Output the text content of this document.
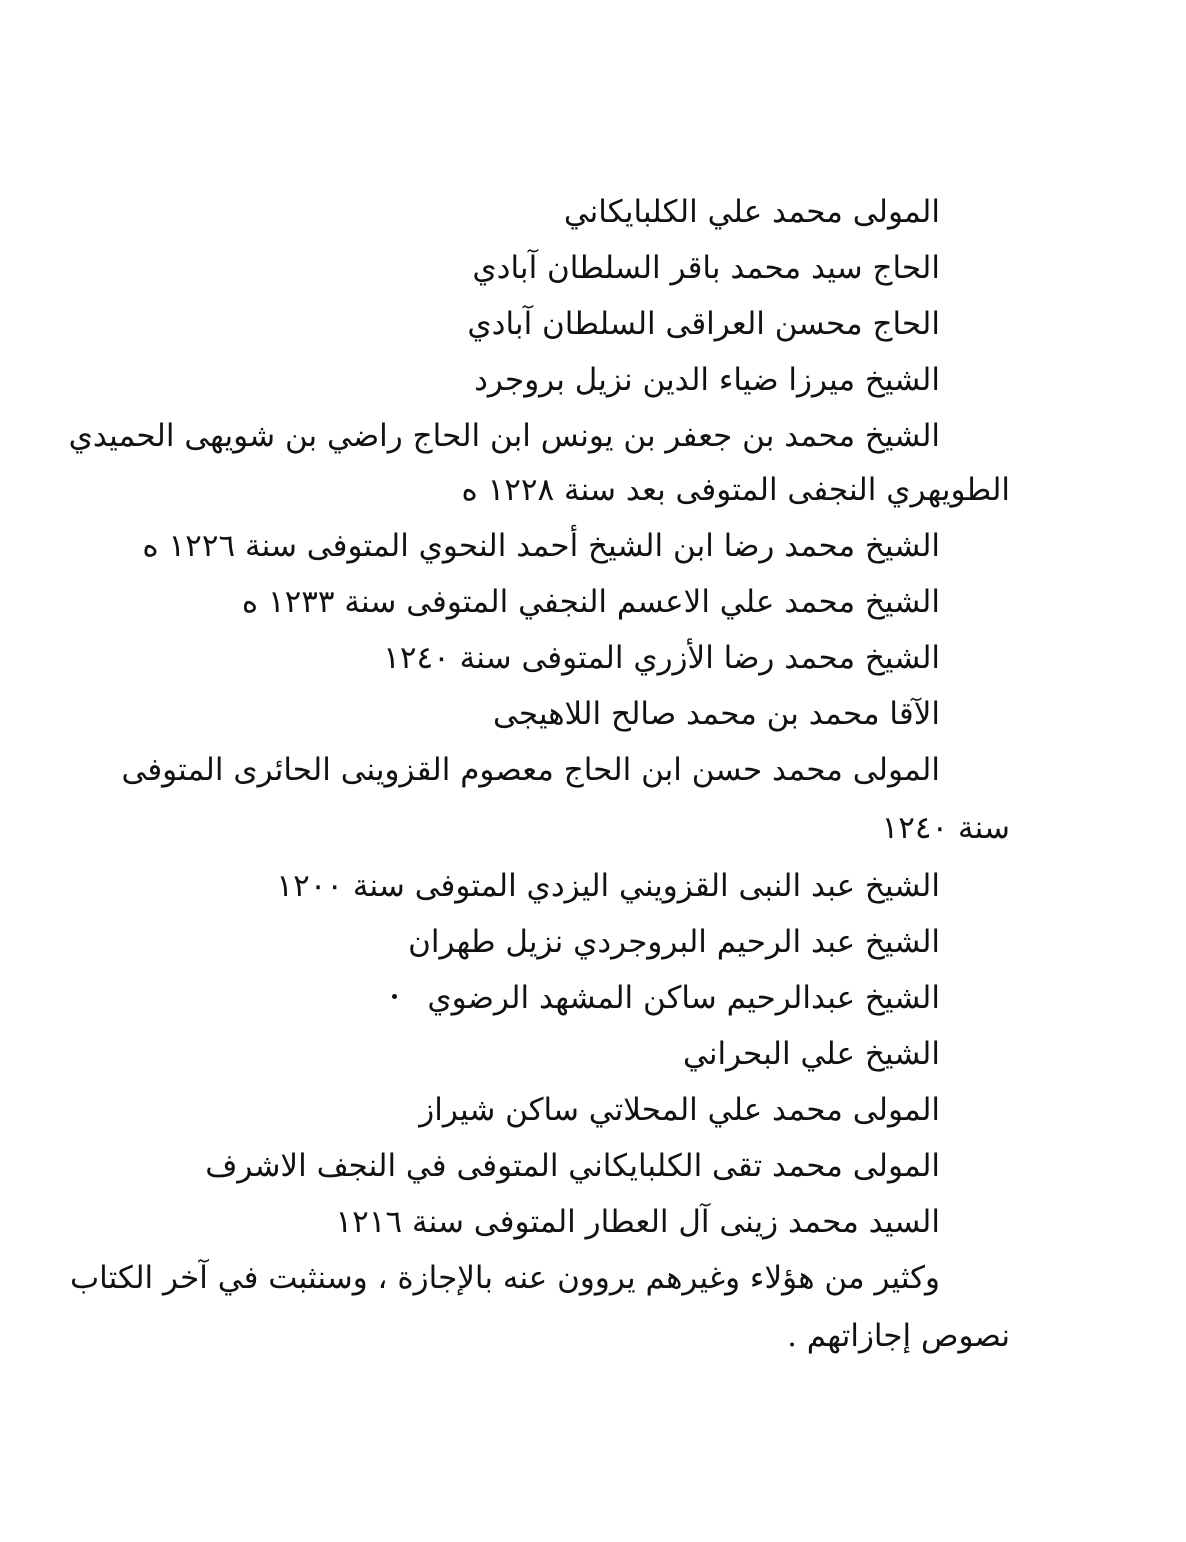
المولى محمد علي الكلبايكاني

الحاج سيد محمد باقر السلطان آبادي

الحاج محسن العراقى السلطان آبادي

الشيخ ميرزا ضياء الدين نزيل بروجرد

الشيخ محمد بن جعفر بن يونس ابن الحاج راضي بن شويهى الحميدي

الطويهري النجفى المتوفى بعد سنة ١٢٢٨ ه

الشيخ محمد رضا ابن الشيخ أحمد النحوي المتوفى سنة ١٢٢٦ ه

الشيخ محمد علي الاعسم النجفي المتوفى سنة ١٢٣٣ ه

الشيخ محمد رضا الأزري المتوفى سنة ١٢٤٠

الآقا محمد بن محمد صالح اللاهيجى

المولى محمد حسن ابن الحاج معصوم القزوينى الحائرى المتوفى

سنة ١٢٤٠

الشيخ عبد النبى القزويني اليزدي المتوفى سنة ١٢٠٠

الشيخ عبد الرحيم البروجردي نزيل طهران

الشيخ عبدالرحيم ساكن المشهد الرضوي

الشيخ علي البحراني

المولى محمد علي المحلاتي ساكن شيراز

المولى محمد تقى الكلبايكاني المتوفى في النجف الاشرف

السيد محمد زينى آل العطار المتوفى سنة ١٢١٦

وكثير من هؤلاء وغيرهم يروون عنه بالإجازة ، وسنثبت في آخر الكتاب

نصوص إجازاتهم .
